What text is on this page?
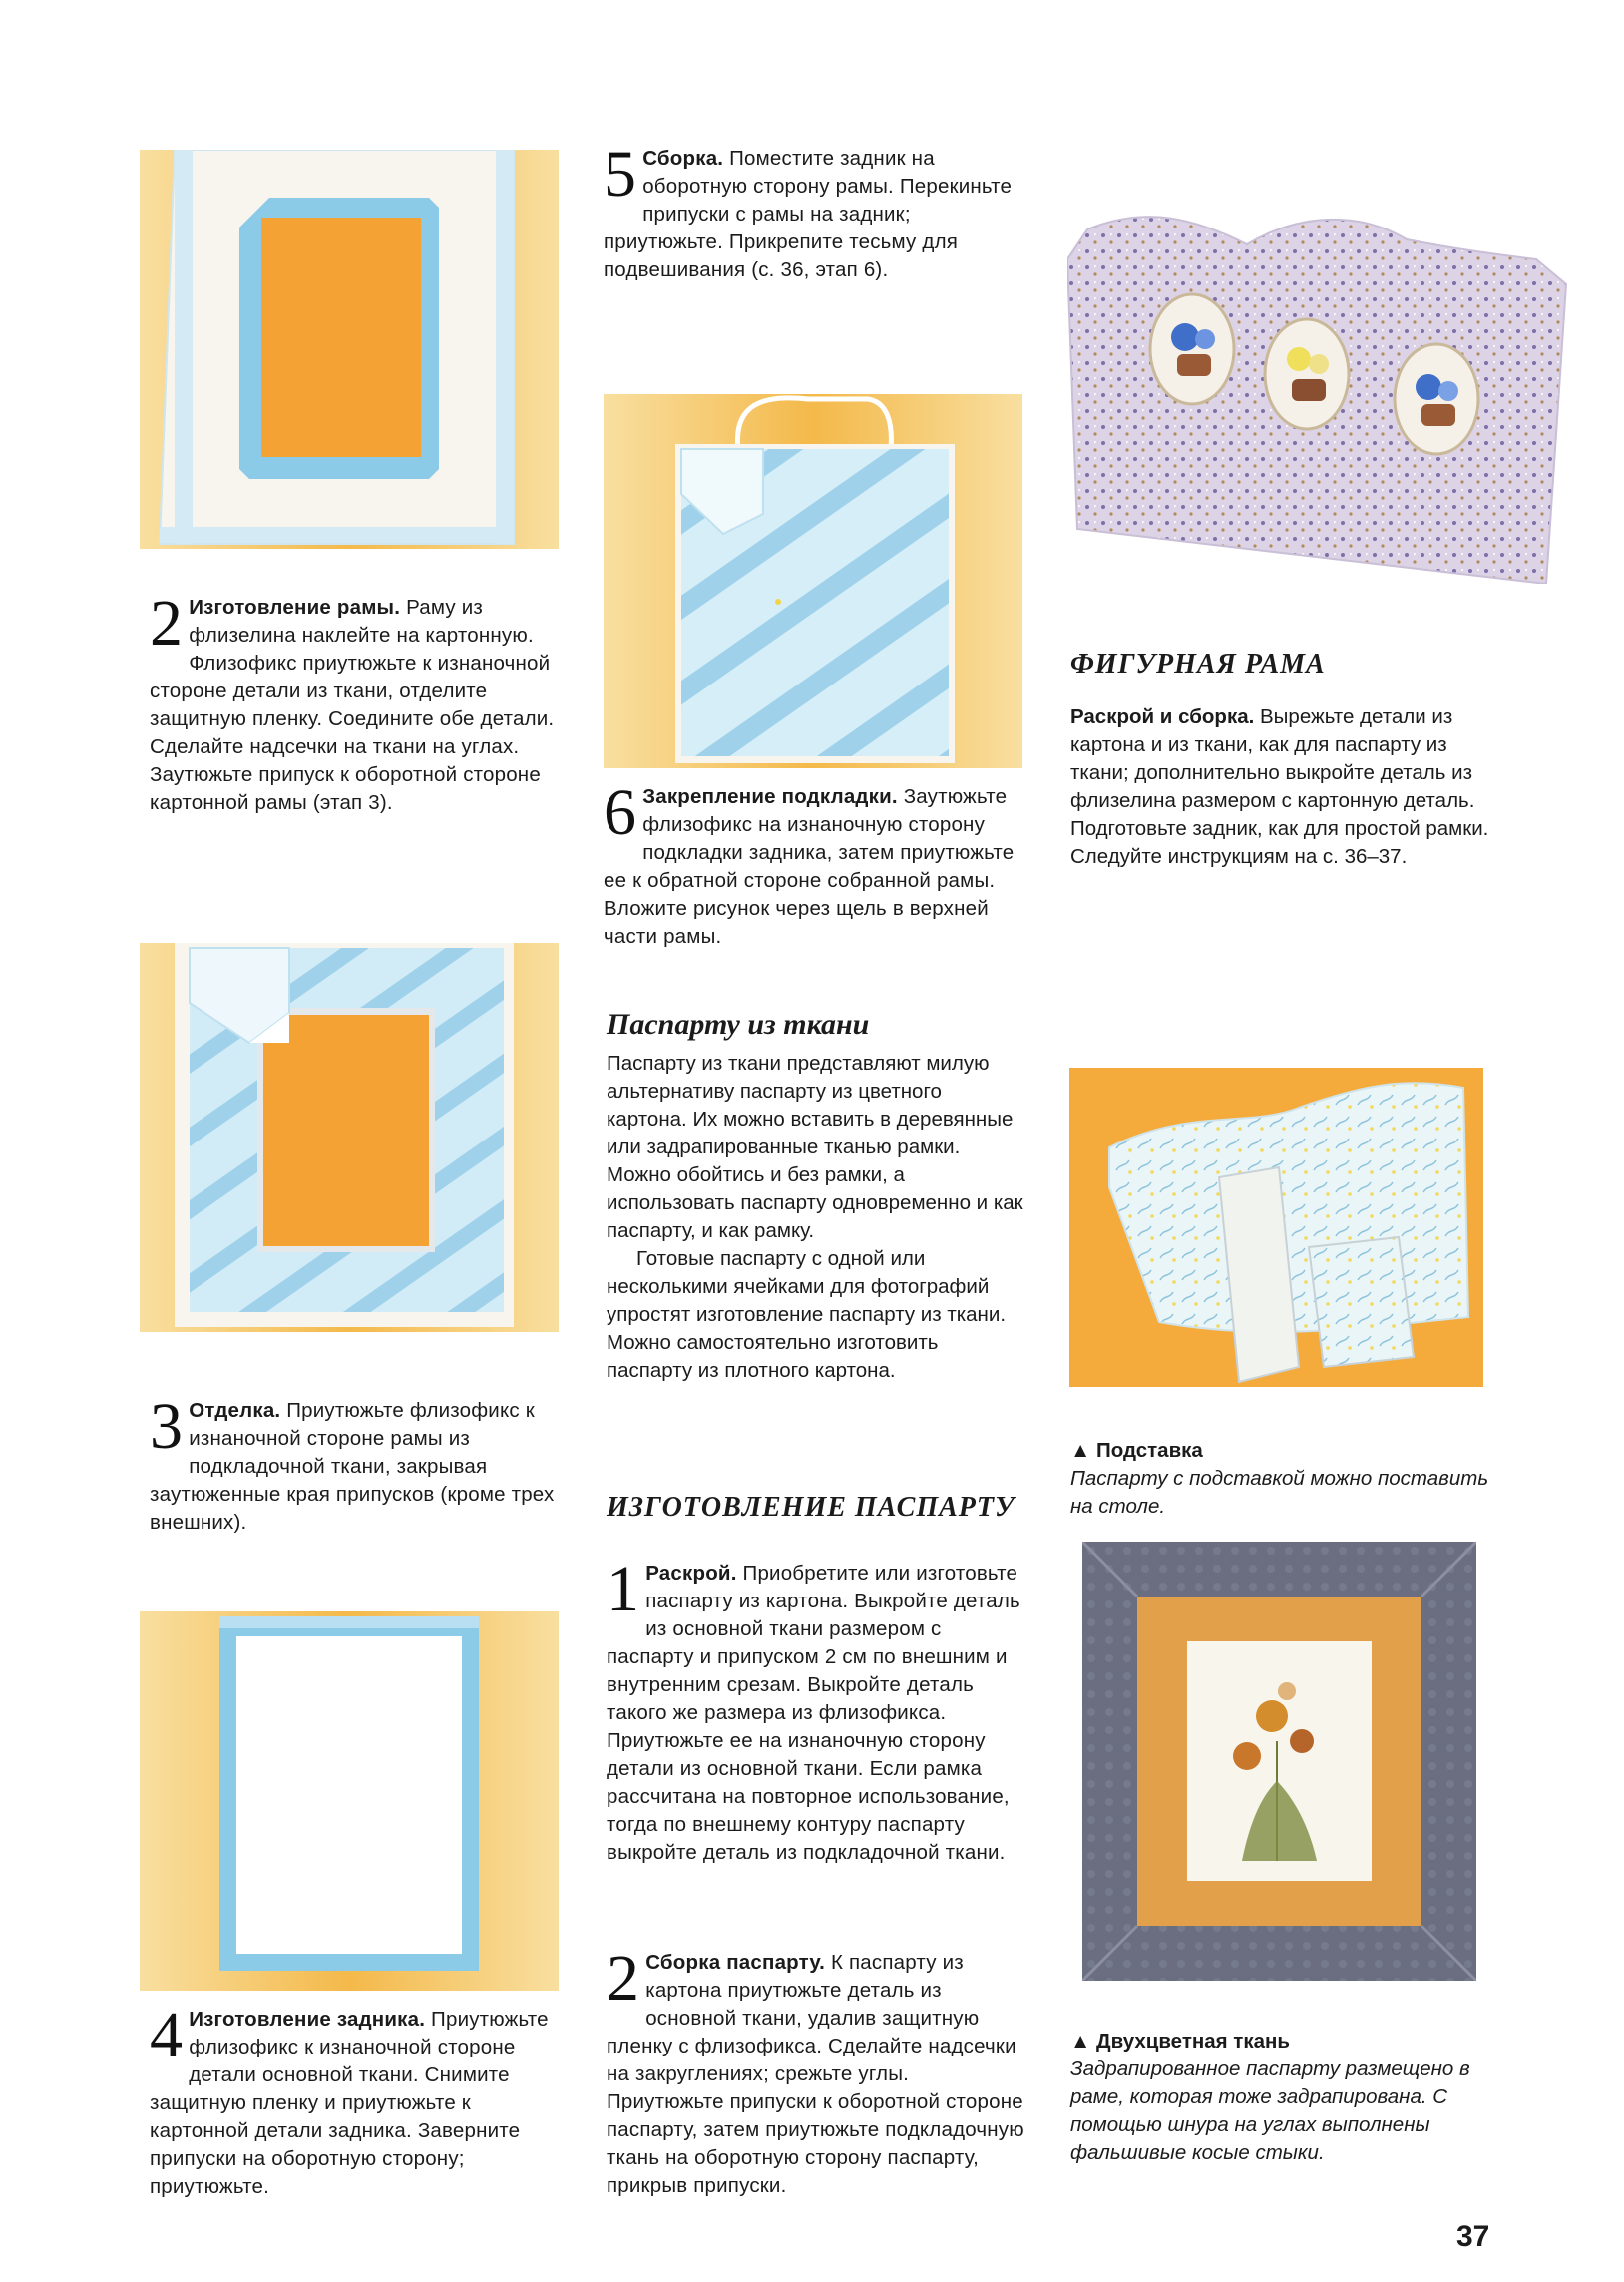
2 Изготовление рамы. Раму из флизелина наклейте на картонную. Флизофикс приутюжьте к изнаночной стороне детали из ткани, отделите защитную пленку. Соедините обе детали. Сделайте надсечки на ткани на углах. Заутюжьте припуск к оборотной стороне картонной рамы (этап 3).
3 Отделка. Приутюжьте флизофикс к изнаночной стороне рамы из подкладочной ткани, закрывая заутюженные края припусков (кроме трех внешних).
4 Изготовление задника. Приутюжьте флизофикс к изнаночной стороне детали основной ткани. Снимите защитную пленку и приутюжьте к картонной детали задника. Заверните припуски на оборотную сторону; приутюжьте.
5 Сборка. Поместите задник на оборотную сторону рамы. Перекиньте припуски с рамы на задник; приутюжьте. Прикрепите тесьму для подвешивания (с. 36, этап 6).
6 Закрепление подкладки. Заутюжьте флизофикс на изнаночную сторону подкладки задника, затем приутюжьте ее к обратной стороне собранной рамы. Вложите рисунок через щель в верхней части рамы.
Паспарту из ткани

Паспарту из ткани представляют милую альтернативу паспарту из цветного картона. Их можно вставить в деревянные или задрапированные тканью рамки. Можно обойтись и без рамки, а использовать паспарту одновременно и как паспарту, и как рамку.

Готовые паспарту с одной или несколькими ячейками для фотографий упростят изготовление паспарту из ткани. Можно самостоятельно изготовить паспарту из плотного картона.

ИЗГОТОВЛЕНИЕ ПАСПАРТУ
1 Раскрой. Приобретите или изготовьте паспарту из картона. Выкройте деталь из основной ткани размером с паспарту и припуском 2 см по внешним и внутренним срезам. Выкройте деталь такого же размера из флизофикса. Приутюжьте ее на изнаночную сторону детали из основной ткани. Если рамка рассчитана на повторное использование, тогда по внешнему контуру паспарту выкройте деталь из подкладочной ткани.
2 Сборка паспарту. К паспарту из картона приутюжьте деталь из основной ткани, удалив защитную пленку с флизофикса. Сделайте надсечки на закруглениях; срежьте углы. Приутюжьте припуски к оборотной стороне паспарту, затем приутюжьте подкладочную ткань на оборотную сторону паспарту, прикрыв припуски.
ФИГУРНАЯ РАМА
Раскрой и сборка. Вырежьте детали из картона и из ткани, как для паспарту из ткани; дополнительно выкройте деталь из флизелина размером с картонную деталь. Подготовьте задник, как для простой рамки. Следуйте инструкциям на с. 36–37.
▲ Подставка
Паспарту с подставкой можно поставить на столе.
▲ Двухцветная ткань
Задрапированное паспарту размещено в раме, которая тоже задрапирована. С помощью шнура на углах выполнены фальшивые косые стыки.
37
